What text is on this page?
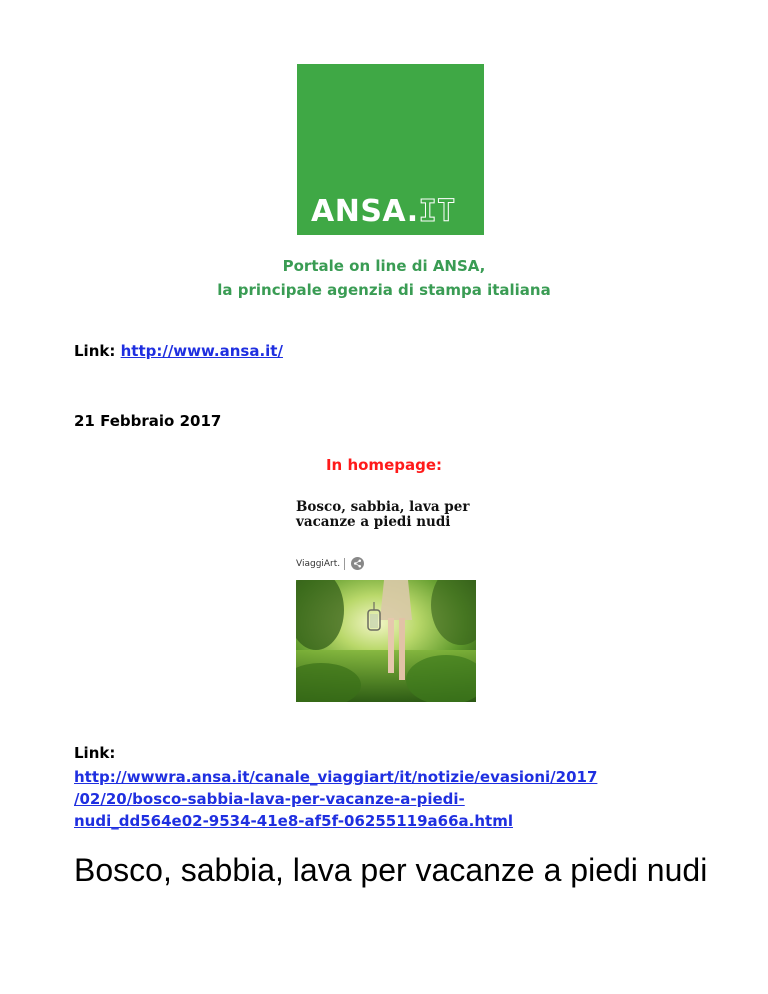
ANSA.IT
Portale on line di ANSA,
la principale agenzia di stampa italiana
Link: http://www.ansa.it/
21 Febbraio 2017
In homepage:

Bosco, sabbia, lava per vacanze a piedi nudi

ViaggiArt.
Link:
http://wwwra.ansa.it/canale_viaggiart/it/notizie/evasioni/2017
/02/20/bosco-sabbia-lava-per-vacanze-a-piedi-
nudi_dd564e02-9534-41e8-af5f-06255119a66a.html
Bosco, sabbia, lava per vacanze a piedi nudi
